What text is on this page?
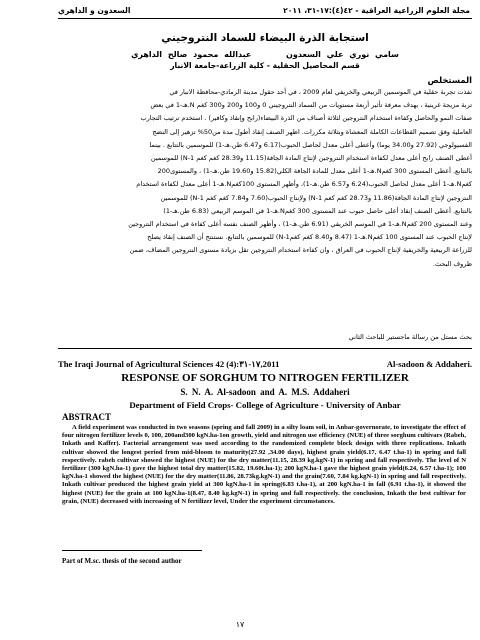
مجلة العلوم الزراعية العراقية - ٤٢(٤):١٧-٣١، ٢٠١١
السعدون و الداهري
استجابة الذرة البيضاء للسماد النتروجيني
سامي نوري علي السعدون      عبدالله محمود صالح الداهري
قسم المحاصيل الحقلية - كلية الزراعة-جامعة الانبار
المستخلص

نفذت تجربة حقلية في الموسمين الربيعي والخريفي لعام 2009 ، في أحد حقول مدينة الرمادي-محافظة الانبار في

تربة مزيجة غرينية ، بهدف معرفة تأثير أربعة مستويات من السماد النتروجيني 0 و100 و200 و300 كغم N.هـ-1 في بعض

صفات النمو والحاصل وكفاءة استخدام النتروجين لثلاثة أصناف من الذرة البيضاء(رابح وإنقاذ وكافير) . استخدم ترتيب التجارب

العاملية وفق تصميم القطاعات الكاملة المعشاة وبثلاثة مكررات. اظهر الصنف إنقاذ أطول مدة من50% تزهير إلى النضج

الفسيولوجي (27.92 و34.00 يوما) وأعطى أعلى معدل لحاصل الحبوب(6.17 و6.47 طن.هـ-1) للموسمين بالتتابع . بينما

أعطى الصنف رابح أعلى معدل لكفاءة استخدام النتروجين لإنتاج المادة الجافة(11.15 و28.39 كغم كغم N-1) للموسمين

بالتتابع. أعطى المستوى 300 كغمN.هـ-1 أعلى معدل للمادة الجافة الكلي(15.82 و19.60 طن.هـ-1) ، والمستوى200

كغمN.هـ-1 أعلى معدل لحاصل الحبوب(6.24 و6.57 طن.هـ-1)، وأظهر المستوى 100كغمN.هـ-1 أعلى معدل لكفاءة استخدام

النتروجين لإنتاج المادة الجافة(11.86 و28.73 كغم كغم N-1) ولإنتاج الحبوب(7.60 و7.84 كغم كغم N-1) للموسمين

بالتتابع. أعطى الصنف إنقاذ أعلى حاصل حبوب عند المستوى 300 كغمN.هـ-1 في الموسم الربيعي (6.83 طن.هـ-1)

وعند المستوى 200 كغمN.هـ-1 في الموسم الخريفي (6.91 طن.هـ-1) ، وأظهر الصنف نفسه أعلى كفاءة في استخدام النتروجين

لإنتاج الحبوب عند المستوى 100 كغمN.هـ-1 (8.47 و8.40 كغم كغمN-1) للموسمين بالتتابع. نستنتج أن الصنف إنقاذ يصلح

للزراعة الربيعية والخريفية لإنتاج الحبوب في العراق ، وان كفاءة استخدام النتروجين تقل بزيادة مستوى النتروجين المضاف، ضمن

ظروف البحث.

بحث مستل من رسالة ماجستير للباحث الثاني
The Iraqi Journal of Agricultural Sciences 42 (4):١٧-٣١,2011	Al-sadoon & Addaheri.
RESPONSE OF SORGHUM TO NITROGEN FERTILIZER
S. N. A. Al-sadoon and A. M.S. Addaheri
Department of Field Crops- College of Agriculture - University of Anbar
ABSTRACT

A field experiment was conducted in two seasons (spring and fall 2009) in a silty loam soil, in Anbar-governorate, to investigate the effect of four nitrogen fertilizer levels 0, 100, 200and300 kgN.ha-1on growth, yield and nitrogen use efficiency (NUE) of three sorghum cultivars (Rabeh, Inkath and Kaffer). Factorial arrangement was used according to the randomized complete block design with three replications. Inkath cultivar showed the longest period from mid-bloom to maturity(27.92 ,34.00 days), highest grain yield(6.17, 6.47 t.ha-1) in spring and fall respectively. rabeh cultivar showed the highest (NUE) for the dry matter(11.15, 28.39 kg.kgN-1) in spring and fall respectively. The level of N fertilizer (300 kgN.ha-1) gave the highest total dry matter(15.82, 19.60t.ha-1); 200 kgN.ha-1 gave the highest grain yield(6.24, 6.57 t.ha-1); 100 kgN.ha-1 showed the highest (NUE) for the dry matter(11.86, 28.73kg.kgN-1) and the grain(7.60, 7.84 kg.kgN-1) in spring and fall respectively. Inkath cultivar produced the highest grain yield at 300 kgN.ha-1 in spring(6.83 t.ha-1), at 200 kgN.ha-1 in fall (6.91 t.ha-1), it showed the highest (NUE) for the grain at 100 kgN.ha-1(8.47, 8.40 kg.kgN-1) in spring and fall respectively. the conclusion, Inkath the best cultivar for grain, (NUE) decreased with increasing of N fertilizer level, Under the experiment circumstances.

Part of M.sc. thesis of the second author
١٧
